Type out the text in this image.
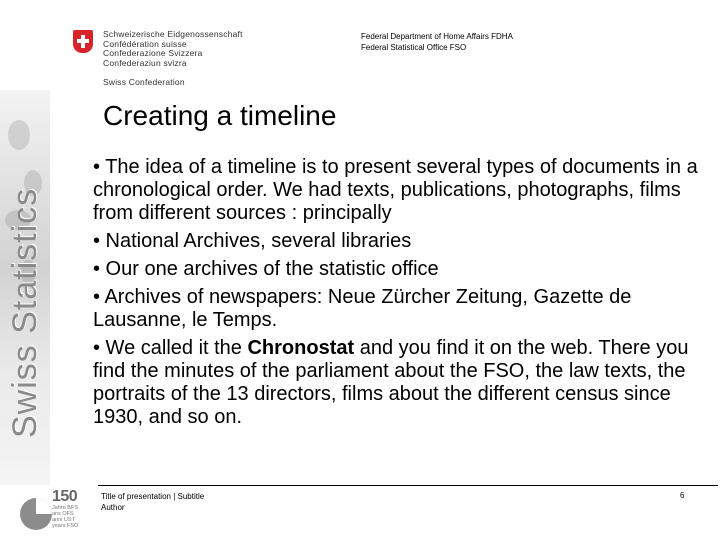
Swiss Statistics
Schweizerische Eidgenossenschaft
Confédération suisse
Confederazione Svizzera
Confederaziun svizra
Swiss Confederation
Federal Department of Home Affairs FDHA
Federal Statistical Office FSO
Creating a timeline

• The idea of a timeline is to present several types of documents in a chronological order. We had texts, publications, photographs, films from different sources : principally

• National Archives, several libraries

• Our one archives of the statistic office

• Archives of newspapers: Neue Zürcher Zeitung, Gazette de Lausanne, le Temps.

• We called it the Chronostat and you find it on the web. There you find the minutes of the parliament about the FSO, the law texts, the portraits of the 13 directors, films about the different census since 1930, and so on.

150
Jahre BFS
ans OFS
anni UST
years FSO
Title of presentation | Subtitle
Author
6
